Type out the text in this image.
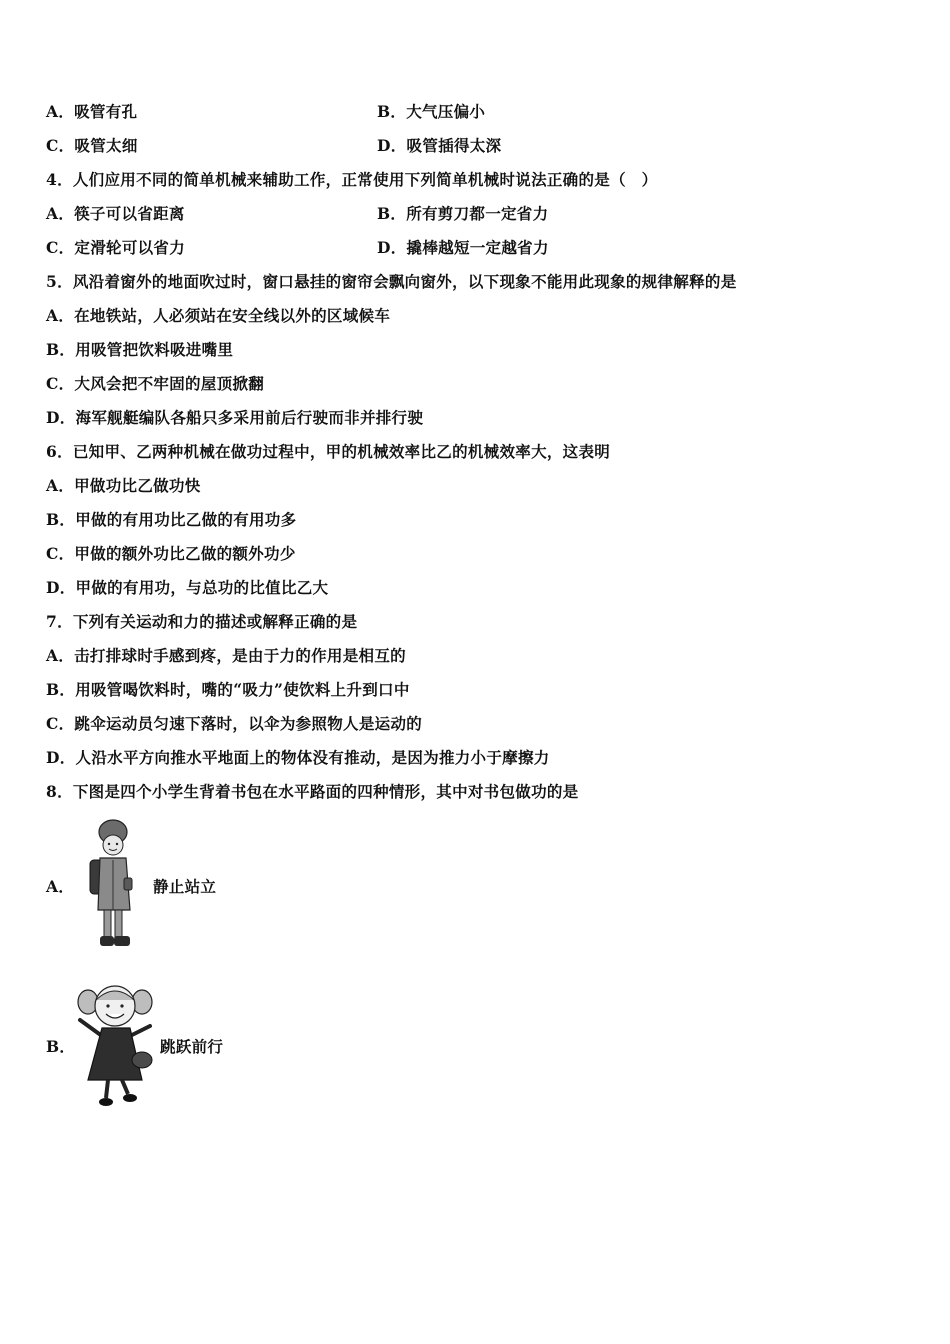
A．吸管有孔	B．大气压偏小
C．吸管太细	D．吸管插得太深
4．人们应用不同的简单机械来辅助工作，正常使用下列简单机械时说法正确的是（　）
A．筷子可以省距离	B．所有剪刀都一定省力
C．定滑轮可以省力	D．撬棒越短一定越省力
5．风沿着窗外的地面吹过时，窗口悬挂的窗帘会飘向窗外，以下现象不能用此现象的规律解释的是
A．在地铁站，人必须站在安全线以外的区域候车
B．用吸管把饮料吸进嘴里
C．大风会把不牢固的屋顶掀翻
D．海军舰艇编队各船只多采用前后行驶而非并排行驶
6．已知甲、乙两种机械在做功过程中，甲的机械效率比乙的机械效率大，这表明
A．甲做功比乙做功快
B．甲做的有用功比乙做的有用功多
C．甲做的额外功比乙做的额外功少
D．甲做的有用功，与总功的比值比乙大
7．下列有关运动和力的描述或解释正确的是
A．击打排球时手感到疼，是由于力的作用是相互的
B．用吸管喝饮料时，嘴的“吸力”使饮料上升到口中
C．跳伞运动员匀速下落时，以伞为参照物人是运动的
D．人沿水平方向推水平地面上的物体没有推动，是因为推力小于摩擦力
8．下图是四个小学生背着书包在水平路面的四种情形，其中对书包做功的是
A．	静止站立
B．	跳跃前行
